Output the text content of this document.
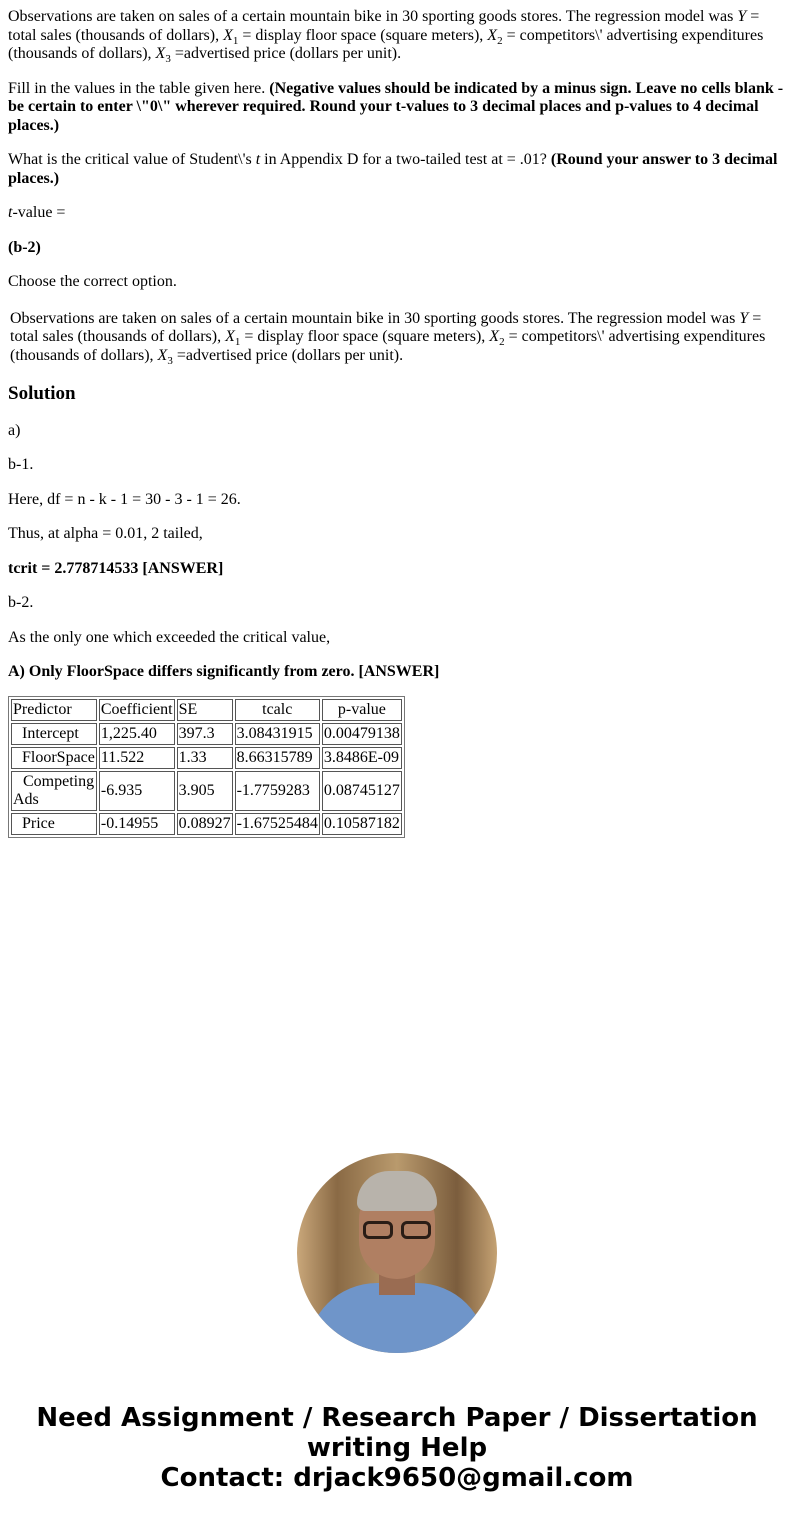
Observations are taken on sales of a certain mountain bike in 30 sporting goods stores. The regression model was Y = total sales (thousands of dollars), $X_1$ = display floor space (square meters), $X_2$ = competitors\' advertising expenditures (thousands of dollars), $X_3$ =advertised price (dollars per unit).

Fill in the values in the table given here. (Negative values should be indicated by a minus sign. Leave no cells blank - be certain to enter \"0\" wherever required. Round your t-values to 3 decimal places and p-values to 4 decimal places.)

What is the critical value of Student\'s t in Appendix D for a two-tailed test at = .01? (Round your answer to 3 decimal places.)

t-value =

(b-2)

Choose the correct option.

Observations are taken on sales of a certain mountain bike in 30 sporting goods stores. The regression model was Y = total sales (thousands of dollars), $X_1$ = display floor space (square meters), $X_2$ = competitors\' advertising expenditures (thousands of dollars), $X_3$ =advertised price (dollars per unit).
Solution

a)

b-1.

Here, df = n - k - 1 = 30 - 3 - 1 = 26.

Thus, at alpha = 0.01, 2 tailed,

tcrit = 2.778714533 [ANSWER]

b-2.

As the only one which exceeded the critical value,

A) Only FloorSpace differs significantly from zero. [ANSWER]

Predictor	Coefficient	SE	tcalc	p-value
Intercept	1,225.40	397.3	3.08431915	0.00479138
FloorSpace	11.522	1.33	8.66315789	3.8486E-09
Competing Ads	-6.935	3.905	-1.7759283	0.08745127
Price	-0.14955	0.08927	-1.67525484	0.10587182
Need Assignment / Research Paper / Dissertation writing Help
Contact: drjack9650@gmail.com
